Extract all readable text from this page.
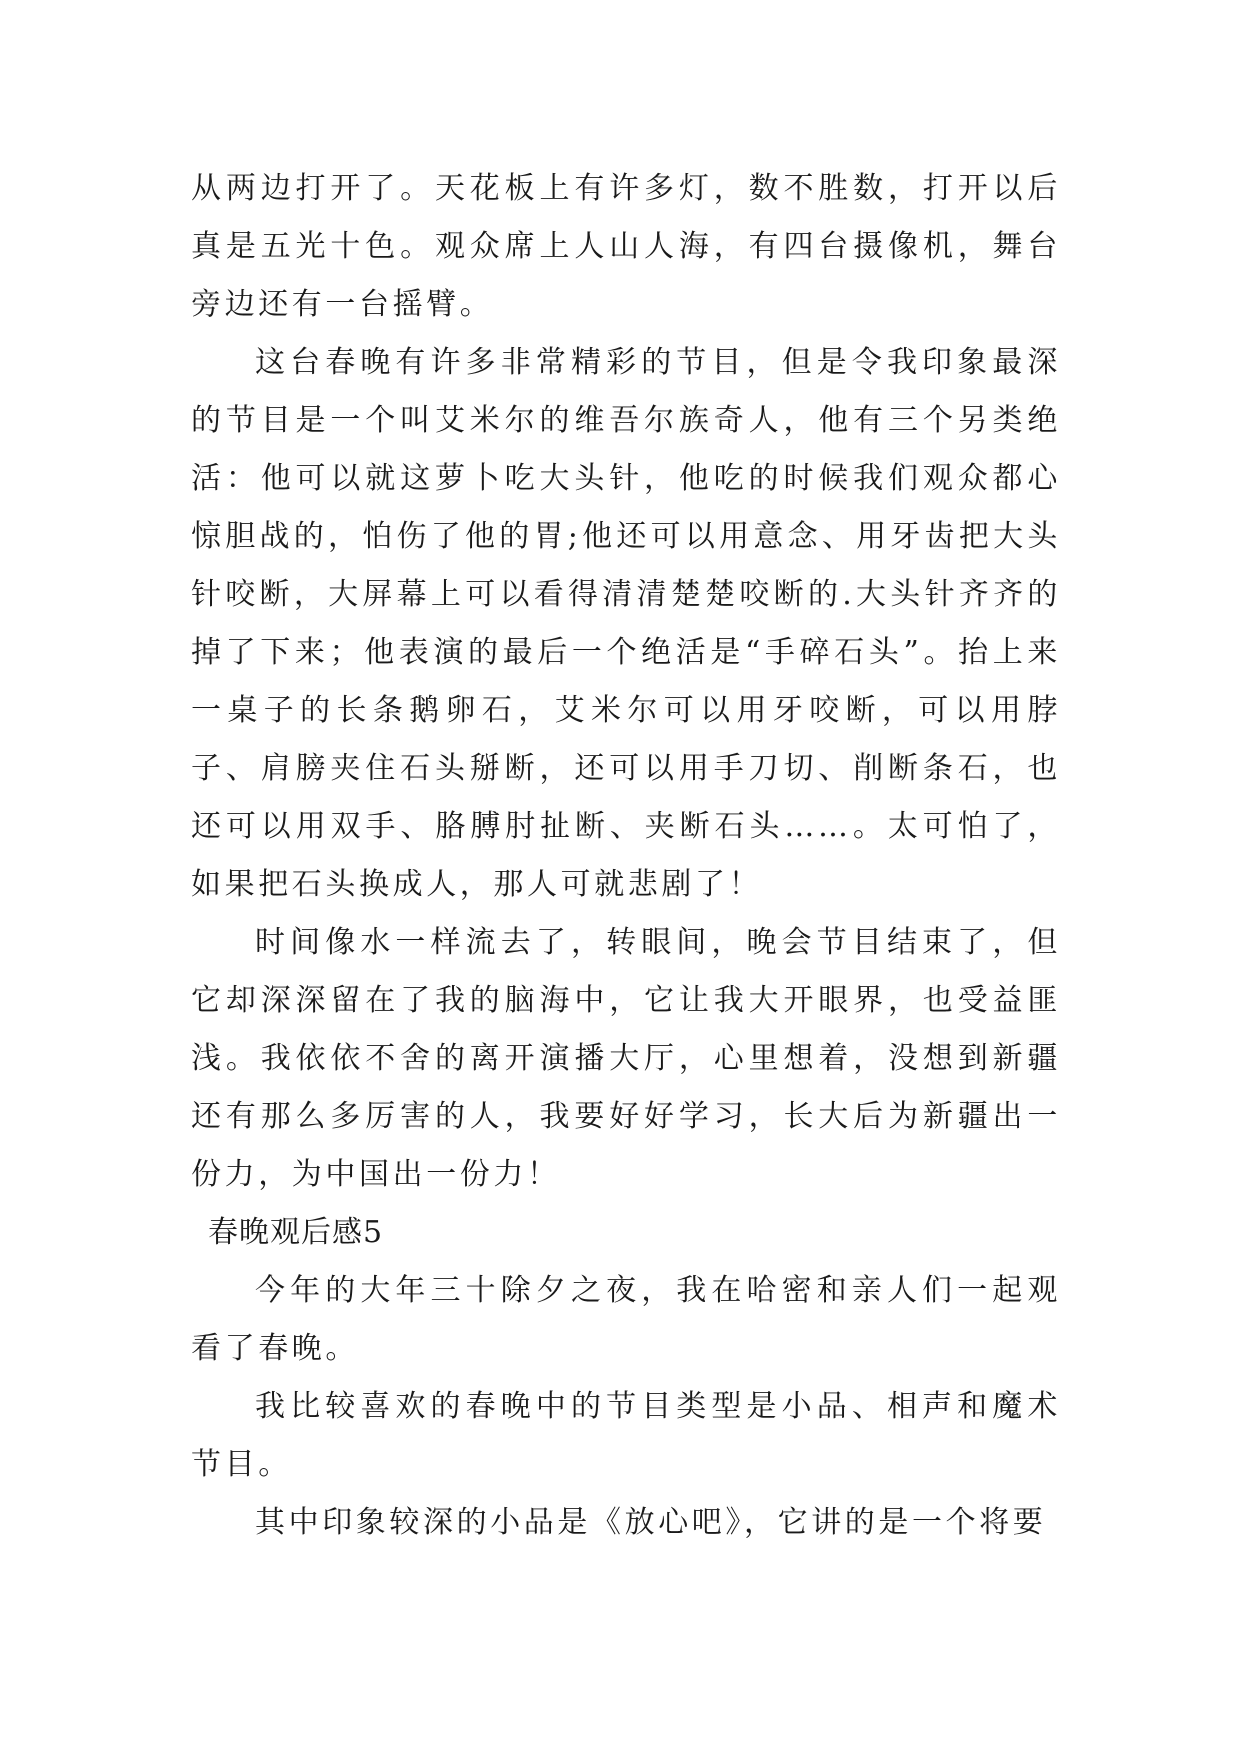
从两边打开了。天花板上有许多灯，数不胜数，打开以后真是五光十色。观众席上人山人海，有四台摄像机，舞台旁边还有一台摇臂。

这台春晚有许多非常精彩的节目，但是令我印象最深的节目是一个叫艾米尔的维吾尔族奇人，他有三个另类绝活：他可以就这萝卜吃大头针，他吃的时候我们观众都心惊胆战的，怕伤了他的胃;他还可以用意念、用牙齿把大头针咬断，大屏幕上可以看得清清楚楚咬断的.大头针齐齐的掉了下来；他表演的最后一个绝活是“手碎石头”。抬上来一桌子的长条鹅卵石，艾米尔可以用牙咬断，可以用脖子、肩膀夹住石头掰断，还可以用手刀切、削断条石，也还可以用双手、胳膊肘扯断、夹断石头……。太可怕了，如果把石头换成人，那人可就悲剧了！

时间像水一样流去了，转眼间，晚会节目结束了，但它却深深留在了我的脑海中，它让我大开眼界，也受益匪浅。我依依不舍的离开演播大厅，心里想着，没想到新疆还有那么多厉害的人，我要好好学习，长大后为新疆出一份力，为中国出一份力！

春晚观后感5

今年的大年三十除夕之夜，我在哈密和亲人们一起观看了春晚。

我比较喜欢的春晚中的节目类型是小品、相声和魔术节目。

其中印象较深的小品是《放心吧》，它讲的是一个将要
